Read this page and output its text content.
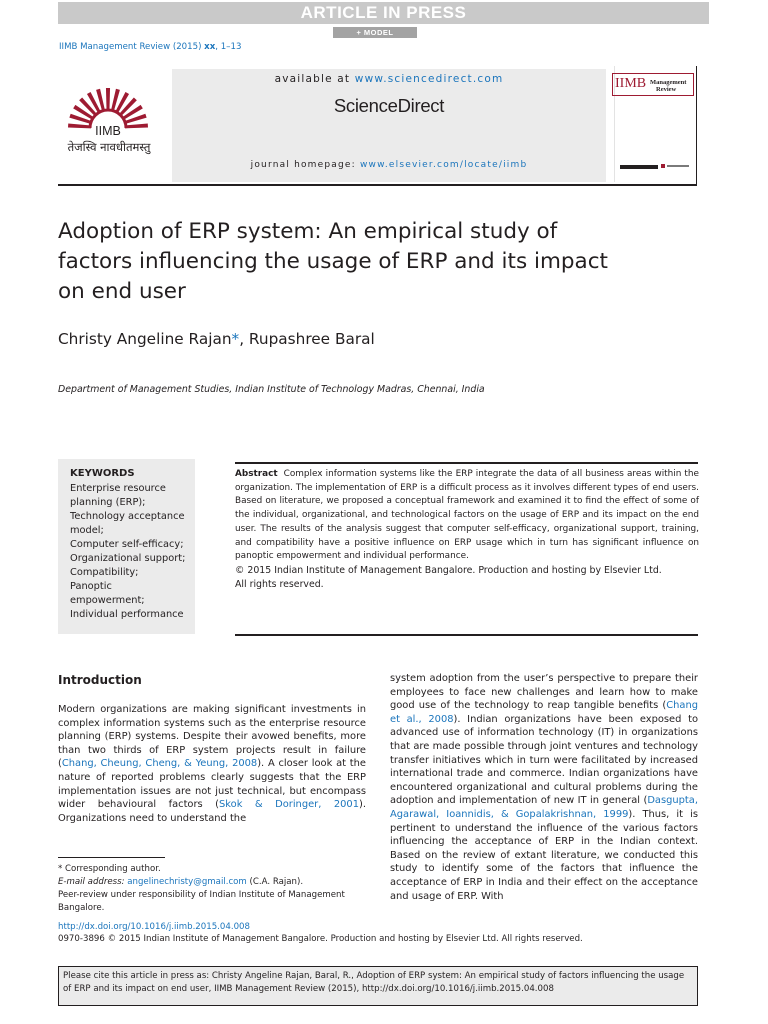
ARTICLE IN PRESS
+ MODEL
IIMB Management Review (2015) xx, 1–13
IIMB
तेजस्वि नावधीतमस्तु
available at www.sciencedirect.com
ScienceDirect
journal homepage: www.elsevier.com/locate/iimb
IIMB Management
Review
Adoption of ERP system: An empirical study of factors influencing the usage of ERP and its impact on end user
Christy Angeline Rajan*, Rupashree Baral
Department of Management Studies, Indian Institute of Technology Madras, Chennai, India
KEYWORDS
Enterprise resource
planning (ERP);
Technology acceptance
model;
Computer self-efficacy;
Organizational support;
Compatibility;
Panoptic
empowerment;
Individual performance

Abstract Complex information systems like the ERP integrate the data of all business areas within the organization. The implementation of ERP is a difficult process as it involves different types of end users. Based on literature, we proposed a conceptual framework and examined it to find the effect of some of the individual, organizational, and technological factors on the usage of ERP and its impact on the end user. The results of the analysis suggest that computer self-efficacy, organizational support, training, and compatibility have a positive influence on ERP usage which in turn has significant influence on panoptic empowerment and individual performance.

© 2015 Indian Institute of Management Bangalore. Production and hosting by Elsevier Ltd.
All rights reserved.

Introduction
Modern organizations are making significant investments in complex information systems such as the enterprise resource planning (ERP) systems. Despite their avowed benefits, more than two thirds of ERP system projects result in failure (Chang, Cheung, Cheng, & Yeung, 2008). A closer look at the nature of reported problems clearly suggests that the ERP implementation issues are not just technical, but encompass wider behavioural factors (Skok & Doringer, 2001). Organizations need to understand the
system adoption from the user’s perspective to prepare their employees to face new challenges and learn how to make good use of the technology to reap tangible benefits (Chang et al., 2008). Indian organizations have been exposed to advanced use of information technology (IT) in organizations that are made possible through joint ventures and technology transfer initiatives which in turn were facilitated by increased international trade and commerce. Indian organizations have encountered organizational and cultural problems during the adoption and implementation of new IT in general (Dasgupta, Agarawal, Ioannidis, & Gopalakrishnan, 1999). Thus, it is pertinent to understand the influence of the various factors influencing the acceptance of ERP in the Indian context. Based on the review of extant literature, we conducted this study to identify some of the factors that influence the acceptance of ERP in India and their effect on the acceptance and usage of ERP. With
* Corresponding author.
E-mail address: angelinechristy@gmail.com (C.A. Rajan).
Peer-review under responsibility of Indian Institute of Management Bangalore.
http://dx.doi.org/10.1016/j.iimb.2015.04.008
0970-3896 © 2015 Indian Institute of Management Bangalore. Production and hosting by Elsevier Ltd. All rights reserved.
Please cite this article in press as: Christy Angeline Rajan, Baral, R., Adoption of ERP system: An empirical study of factors influencing the usage of ERP and its impact on end user, IIMB Management Review (2015), http://dx.doi.org/10.1016/j.iimb.2015.04.008
